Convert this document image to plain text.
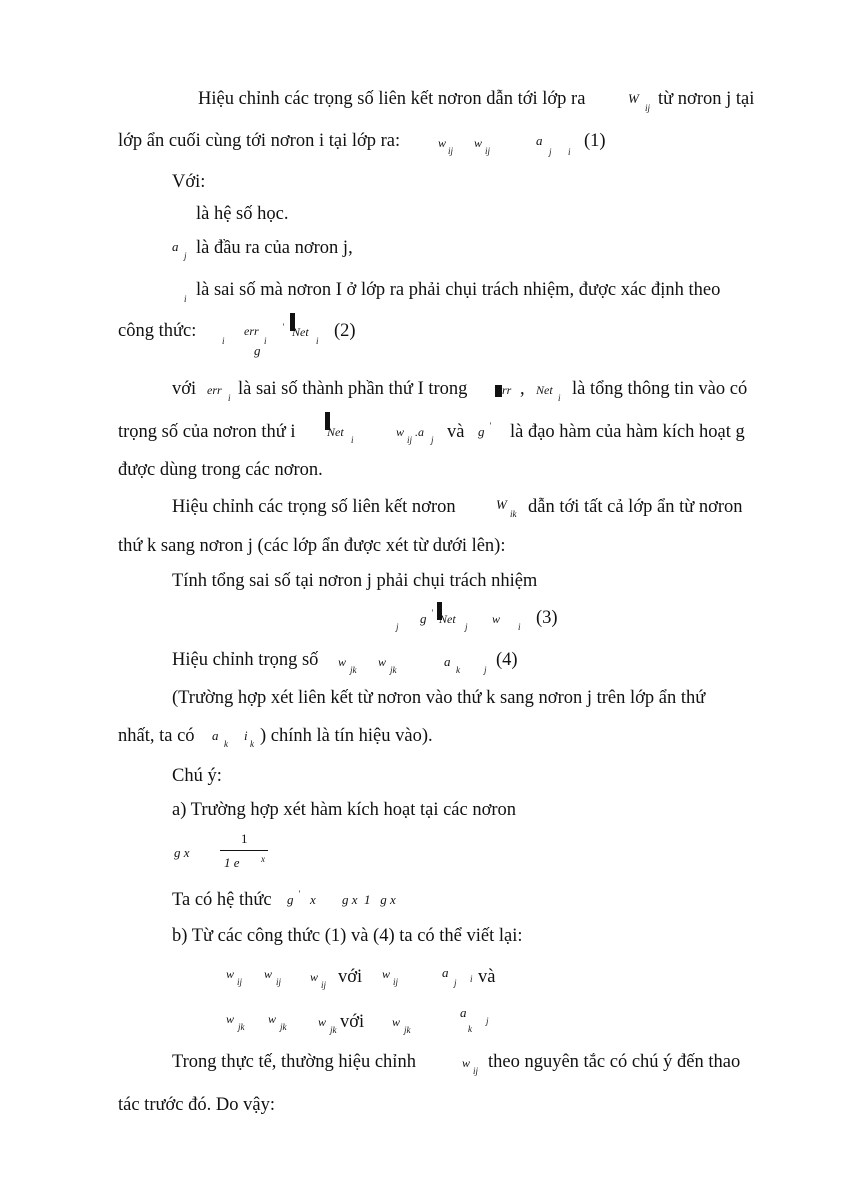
Hiệu chỉnh các trọng số liên kết nơron dẫn tới lớp ra	W
ij từ nơron j tại
lớp ẩn cuối cùng tới nơron i tại lớp ra:	w
ij
w
ij
a
j i
(1)
Với:
là hệ số học.
a
j là đầu ra của nơron j,
i là sai số mà nơron I ở lớp ra phải chụi trách nhiệm, được xác định theo
công thức:	i
err
i
' Net
i
g
(2)
với err
i là sai số thành phần thứ I trong	rr , Net
i là tổng thông tin vào có
trọng số của nơron thứ i	Net
i
w
ij
.a
j và g ' là đạo hàm của hàm kích hoạt g
được dùng trong các nơron.
Hiệu chỉnh các trọng số liên kết nơron	W
ik dẫn tới tất cả lớp ẩn từ nơron
thứ k sang nơron j (các lớp ẩn được xét từ dưới lên):
Tính tổng sai số tại nơron j phải chụi trách nhiệm
j
g ' Net
j
w
i (3)
Hiệu chỉnh trọng số w
jk
w
jk
a
k	j (4)
(Trường hợp xét liên kết từ nơron vào thứ k sang nơron j trên lớp ẩn thứ
nhất, ta có a
k
i
k ) chính là tín hiệu vào).
Chú ý:
a) Trường hợp xét hàm kích hoạt tại các nơron
g x
1
1 e x
Ta có hệ thức g ' x g x  1   g x
b) Từ các công thức (1) và (4) ta có thể viết lại:
w
ij
w
ij w
ij với w
ij
a
j i và
w
jk
w
jk	w
jk với w
jk
a
k
j
Trong thực tế, thường hiệu chỉnh	w
ij theo nguyên tắc có chú ý đến thao
tác trước đó. Do vậy:
